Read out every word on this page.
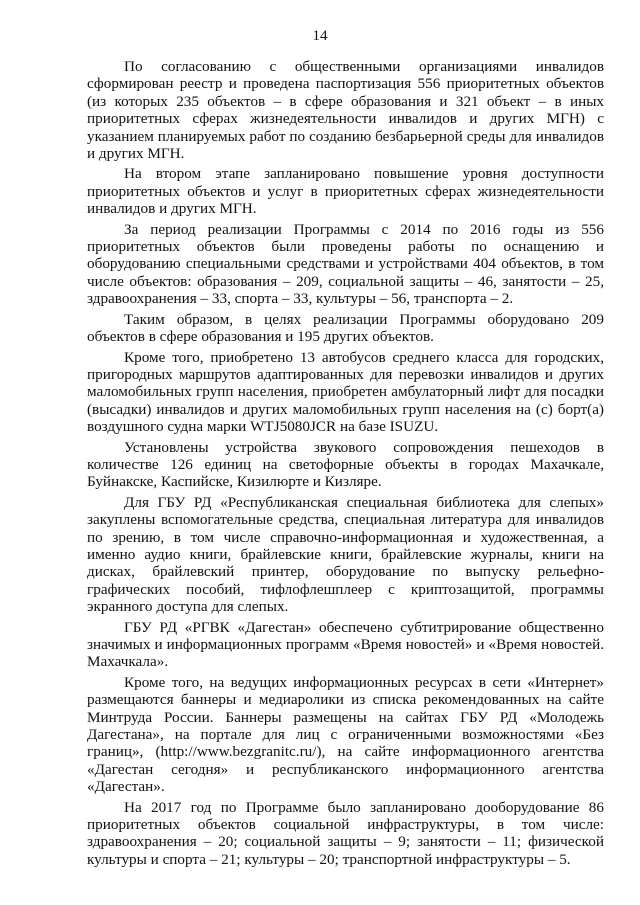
14

По согласованию с общественными организациями инвалидов сформирован реестр и проведена паспортизация 556 приоритетных объектов (из которых 235 объектов – в сфере образования и 321 объект – в иных приоритетных сферах жизнедеятельности инвалидов и других МГН) с указанием планируемых работ по созданию безбарьерной среды для инвалидов и других МГН.

На втором этапе запланировано повышение уровня доступности приоритетных объектов и услуг в приоритетных сферах жизнедеятельности инвалидов и других МГН.

За период реализации Программы с 2014 по 2016 годы из 556 приоритетных объектов были проведены работы по оснащению и оборудованию специальными средствами и устройствами 404 объектов, в том числе объектов: образования – 209, социальной защиты – 46, занятости – 25, здравоохранения – 33, спорта – 33, культуры – 56, транспорта – 2.

Таким образом, в целях реализации Программы оборудовано 209 объектов в сфере образования и 195 других объектов.

Кроме того, приобретено 13 автобусов среднего класса для городских, пригородных маршрутов адаптированных для перевозки инвалидов и других маломобильных групп населения, приобретен амбулаторный лифт для посадки (высадки) инвалидов и других маломобильных групп населения на (с) борт(а) воздушного судна марки WTJ5080JCR на базе ISUZU.

Установлены устройства звукового сопровождения пешеходов в количестве 126 единиц на светофорные объекты в городах Махачкале, Буйнакске, Каспийске, Кизилюрте и Кизляре.

Для ГБУ РД «Республиканская специальная библиотека для слепых» закуплены вспомогательные средства, специальная литература для инвалидов по зрению, в том числе справочно-информационная и художественная, а именно аудио книги, брайлевские книги, брайлевские журналы, книги на дисках, брайлевский принтер, оборудование по выпуску рельефно-графических пособий, тифлофлешплеер с криптозащитой, программы экранного доступа для слепых.

ГБУ РД «РГВК «Дагестан» обеспечено субтитрирование общественно значимых и информационных программ «Время новостей» и «Время новостей. Махачкала».

Кроме того, на ведущих информационных ресурсах в сети «Интернет» размещаются баннеры и медиаролики из списка рекомендованных на сайте Минтруда России. Баннеры размещены на сайтах ГБУ РД «Молодежь Дагестана», на портале для лиц с ограниченными возможностями «Без границ», (http://www.bezgranitc.ru/), на сайте информационного агентства «Дагестан сегодня» и республиканского информационного агентства «Дагестан».

На 2017 год по Программе было запланировано дооборудование 86 приоритетных объектов социальной инфраструктуры, в том числе: здравоохранения – 20; социальной защиты – 9; занятости – 11; физической культуры и спорта – 21; культуры – 20; транспортной инфраструктуры – 5.
